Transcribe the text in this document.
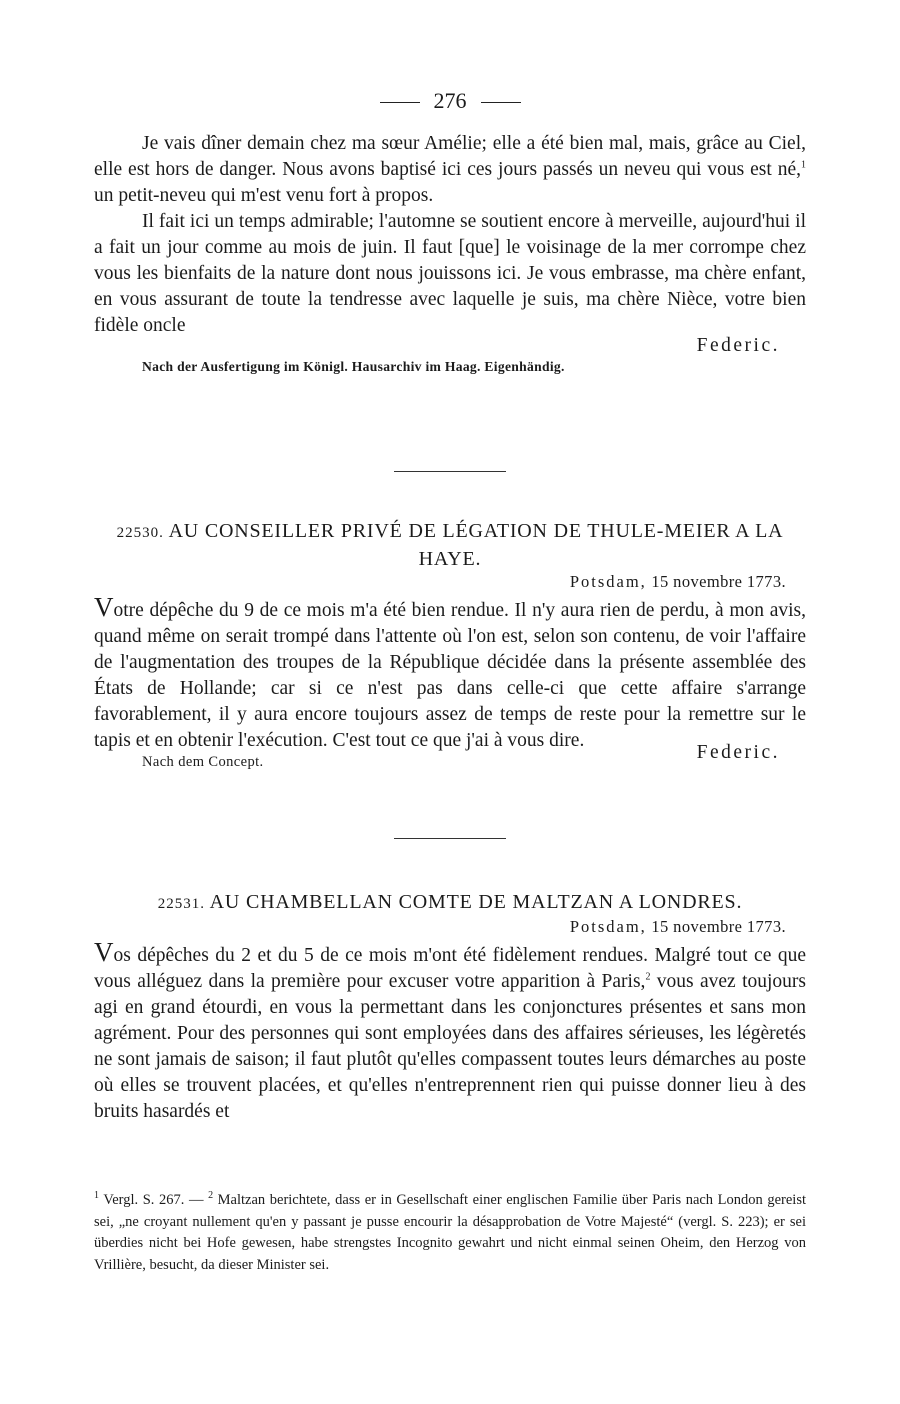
276

Je vais dîner demain chez ma sœur Amélie; elle a été bien mal, mais, grâce au Ciel, elle est hors de danger. Nous avons baptisé ici ces jours passés un neveu qui vous est né,$^1$ un petit-neveu qui m'est venu fort à propos.

Il fait ici un temps admirable; l'automne se soutient encore à merveille, aujourd'hui il a fait un jour comme au mois de juin. Il faut [que] le voisinage de la mer corrompe chez vous les bienfaits de la nature dont nous jouissons ici. Je vous embrasse, ma chère enfant, en vous assurant de toute la tendresse avec laquelle je suis, ma chère Nièce, votre bien fidèle oncle

Federic.

Nach der Ausfertigung im Königl. Hausarchiv im Haag. Eigenhändig.

22530. AU CONSEILLER PRIVÉ DE LÉGATION DE THULE-MEIER A LA HAYE.

Potsdam, 15 novembre 1773.

Votre dépêche du 9 de ce mois m'a été bien rendue. Il n'y aura rien de perdu, à mon avis, quand même on serait trompé dans l'attente où l'on est, selon son contenu, de voir l'affaire de l'augmentation des troupes de la République décidée dans la présente assemblée des États de Hollande; car si ce n'est pas dans celle-ci que cette affaire s'arrange favorablement, il y aura encore toujours assez de temps de reste pour la remettre sur le tapis et en obtenir l'exécution. C'est tout ce que j'ai à vous dire.

Federic.

Nach dem Concept.

22531. AU CHAMBELLAN COMTE DE MALTZAN A LONDRES.

Potsdam, 15 novembre 1773.

Vos dépêches du 2 et du 5 de ce mois m'ont été fidèlement rendues. Malgré tout ce que vous alléguez dans la première pour excuser votre apparition à Paris,$^2$ vous avez toujours agi en grand étourdi, en vous la permettant dans les conjonctures présentes et sans mon agrément. Pour des personnes qui sont employées dans des affaires sérieuses, les légèretés ne sont jamais de saison; il faut plutôt qu'elles compassent toutes leurs démarches au poste où elles se trouvent placées, et qu'elles n'entreprennent rien qui puisse donner lieu à des bruits hasardés et

$^1$ Vergl. S. 267. — $^2$ Maltzan berichtete, dass er in Gesellschaft einer englischen Familie über Paris nach London gereist sei, „ne croyant nullement qu'en y passant je pusse encourir la désapprobation de Votre Majesté“ (vergl. S. 223); er sei überdies nicht bei Hofe gewesen, habe strengstes Incognito gewahrt und nicht einmal seinen Oheim, den Herzog von Vrillière, besucht, da dieser Minister sei.
